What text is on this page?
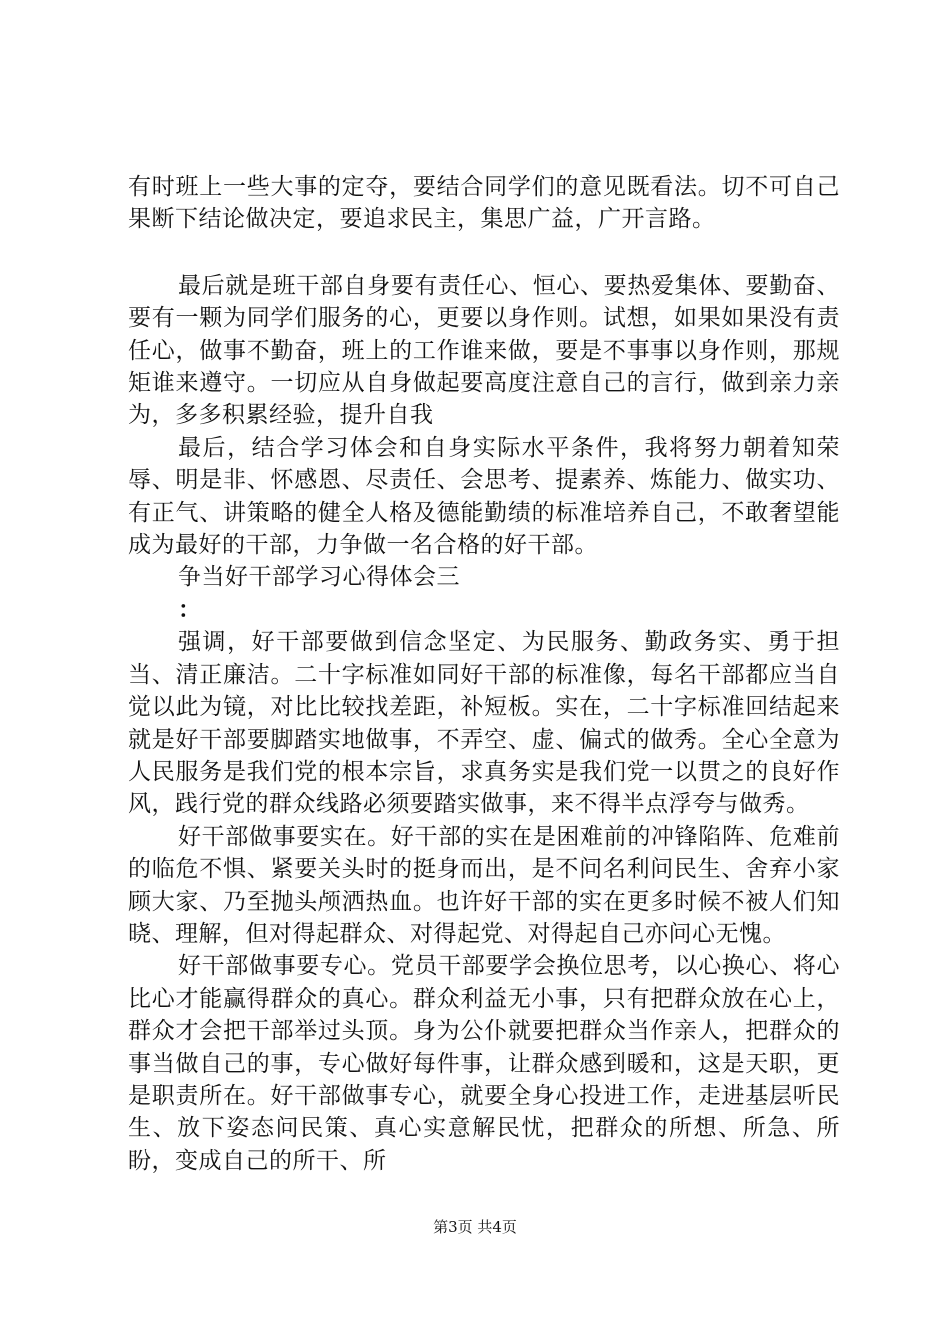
有时班上一些大事的定夺，要结合同学们的意见既看法。切不可自己果断下结论做决定，要追求民主，集思广益，广开言路。

最后就是班干部自身要有责任心、恒心、要热爱集体、要勤奋、要有一颗为同学们服务的心，更要以身作则。试想，如果如果没有责任心，做事不勤奋，班上的工作谁来做，要是不事事以身作则，那规矩谁来遵守。一切应从自身做起要高度注意自己的言行，做到亲力亲为，多多积累经验，提升自我

最后，结合学习体会和自身实际水平条件，我将努力朝着知荣辱、明是非、怀感恩、尽责任、会思考、提素养、炼能力、做实功、有正气、讲策略的健全人格及德能勤绩的标准培养自己，不敢奢望能成为最好的干部，力争做一名合格的好干部。

争当好干部学习心得体会三

：

强调，好干部要做到信念坚定、为民服务、勤政务实、勇于担当、清正廉洁。二十字标准如同好干部的标准像，每名干部都应当自觉以此为镜，对比比较找差距，补短板。实在，二十字标准回结起来就是好干部要脚踏实地做事，不弄空、虚、偏式的做秀。全心全意为人民服务是我们党的根本宗旨，求真务实是我们党一以贯之的良好作风，践行党的群众线路必须要踏实做事，来不得半点浮夸与做秀。

好干部做事要实在。好干部的实在是困难前的冲锋陷阵、危难前的临危不惧、紧要关头时的挺身而出，是不问名利问民生、舍弃小家顾大家、乃至抛头颅洒热血。也许好干部的实在更多时候不被人们知晓、理解，但对得起群众、对得起党、对得起自己亦问心无愧。

好干部做事要专心。党员干部要学会换位思考，以心换心、将心比心才能赢得群众的真心。群众利益无小事，只有把群众放在心上，群众才会把干部举过头顶。身为公仆就要把群众当作亲人，把群众的事当做自己的事，专心做好每件事，让群众感到暖和，这是天职，更是职责所在。好干部做事专心，就要全身心投进工作，走进基层听民生、放下姿态问民策、真心实意解民忧，把群众的所想、所急、所盼，变成自己的所干、所

第3页 共4页
